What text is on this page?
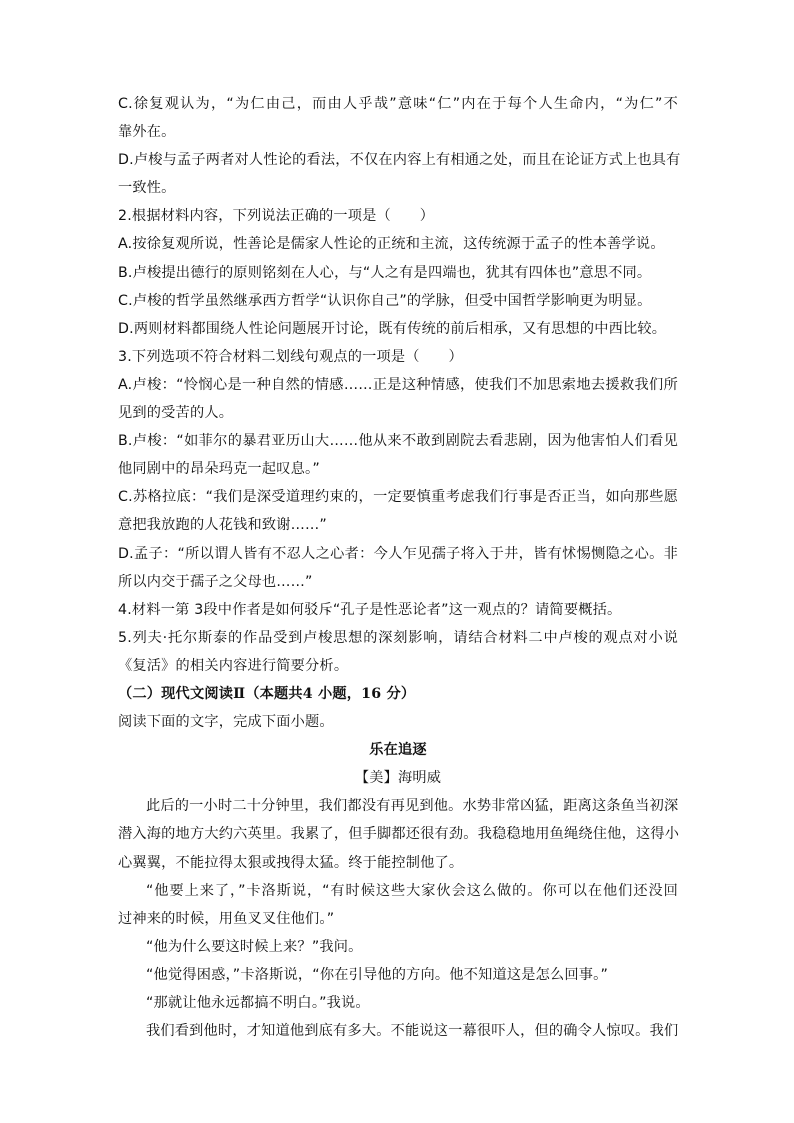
C.徐复观认为，“为仁由己，而由人乎哉”意味“仁”内在于每个人生命内，“为仁”不
靠外在。
D.卢梭与孟子两者对人性论的看法，不仅在内容上有相通之处，而且在论证方式上也具有
一致性。
2.根据材料内容，下列说法正确的一项是（　　）
A.按徐复观所说，性善论是儒家人性论的正统和主流，这传统源于孟子的性本善学说。
B.卢梭提出德行的原则铭刻在人心，与“人之有是四端也，犹其有四体也”意思不同。
C.卢梭的哲学虽然继承西方哲学“认识你自己”的学脉，但受中国哲学影响更为明显。
D.两则材料都围绕人性论问题展开讨论，既有传统的前后相承，又有思想的中西比较。
3.下列选项不符合材料二划线句观点的一项是（　　）
A.卢梭：“怜悯心是一种自然的情感……正是这种情感，使我们不加思索地去援救我们所
见到的受苦的人。
B.卢梭：“如菲尔的暴君亚历山大……他从来不敢到剧院去看悲剧，因为他害怕人们看见
他同剧中的昂朵玛克一起叹息。”
C.苏格拉底：“我们是深受道理约束的，一定要慎重考虑我们行事是否正当，如向那些愿
意把我放跑的人花钱和致谢……”
D.孟子：“所以谓人皆有不忍人之心者：今人乍见孺子将入于井，皆有怵惕恻隐之心。非
所以内交于孺子之父母也……”
4.材料一第 3段中作者是如何驳斥“孔子是性恶论者”这一观点的？请简要概括。
5.列夫·托尔斯泰的作品受到卢梭思想的深刻影响，请结合材料二中卢梭的观点对小说
《复活》的相关内容进行简要分析。
（二）现代文阅读Ⅱ（本题共4 小题，16 分）
阅读下面的文字，完成下面小题。
乐在追逐
【美】海明威
此后的一小时二十分钟里，我们都没有再见到他。水势非常凶猛，距离这条鱼当初深
潜入海的地方大约六英里。我累了，但手脚都还很有劲。我稳稳地用鱼绳绕住他，这得小
心翼翼，不能拉得太狠或拽得太猛。终于能控制他了。
“他要上来了，”卡洛斯说，“有时候这些大家伙会这么做的。你可以在他们还没回
过神来的时候，用鱼叉叉住他们。”
“他为什么要这时候上来？”我问。
“他觉得困惑，”卡洛斯说，“你在引导他的方向。他不知道这是怎么回事。”
“那就让他永远都搞不明白。”我说。
我们看到他时，才知道他到底有多大。不能说这一幕很吓人，但的确令人惊叹。我们
